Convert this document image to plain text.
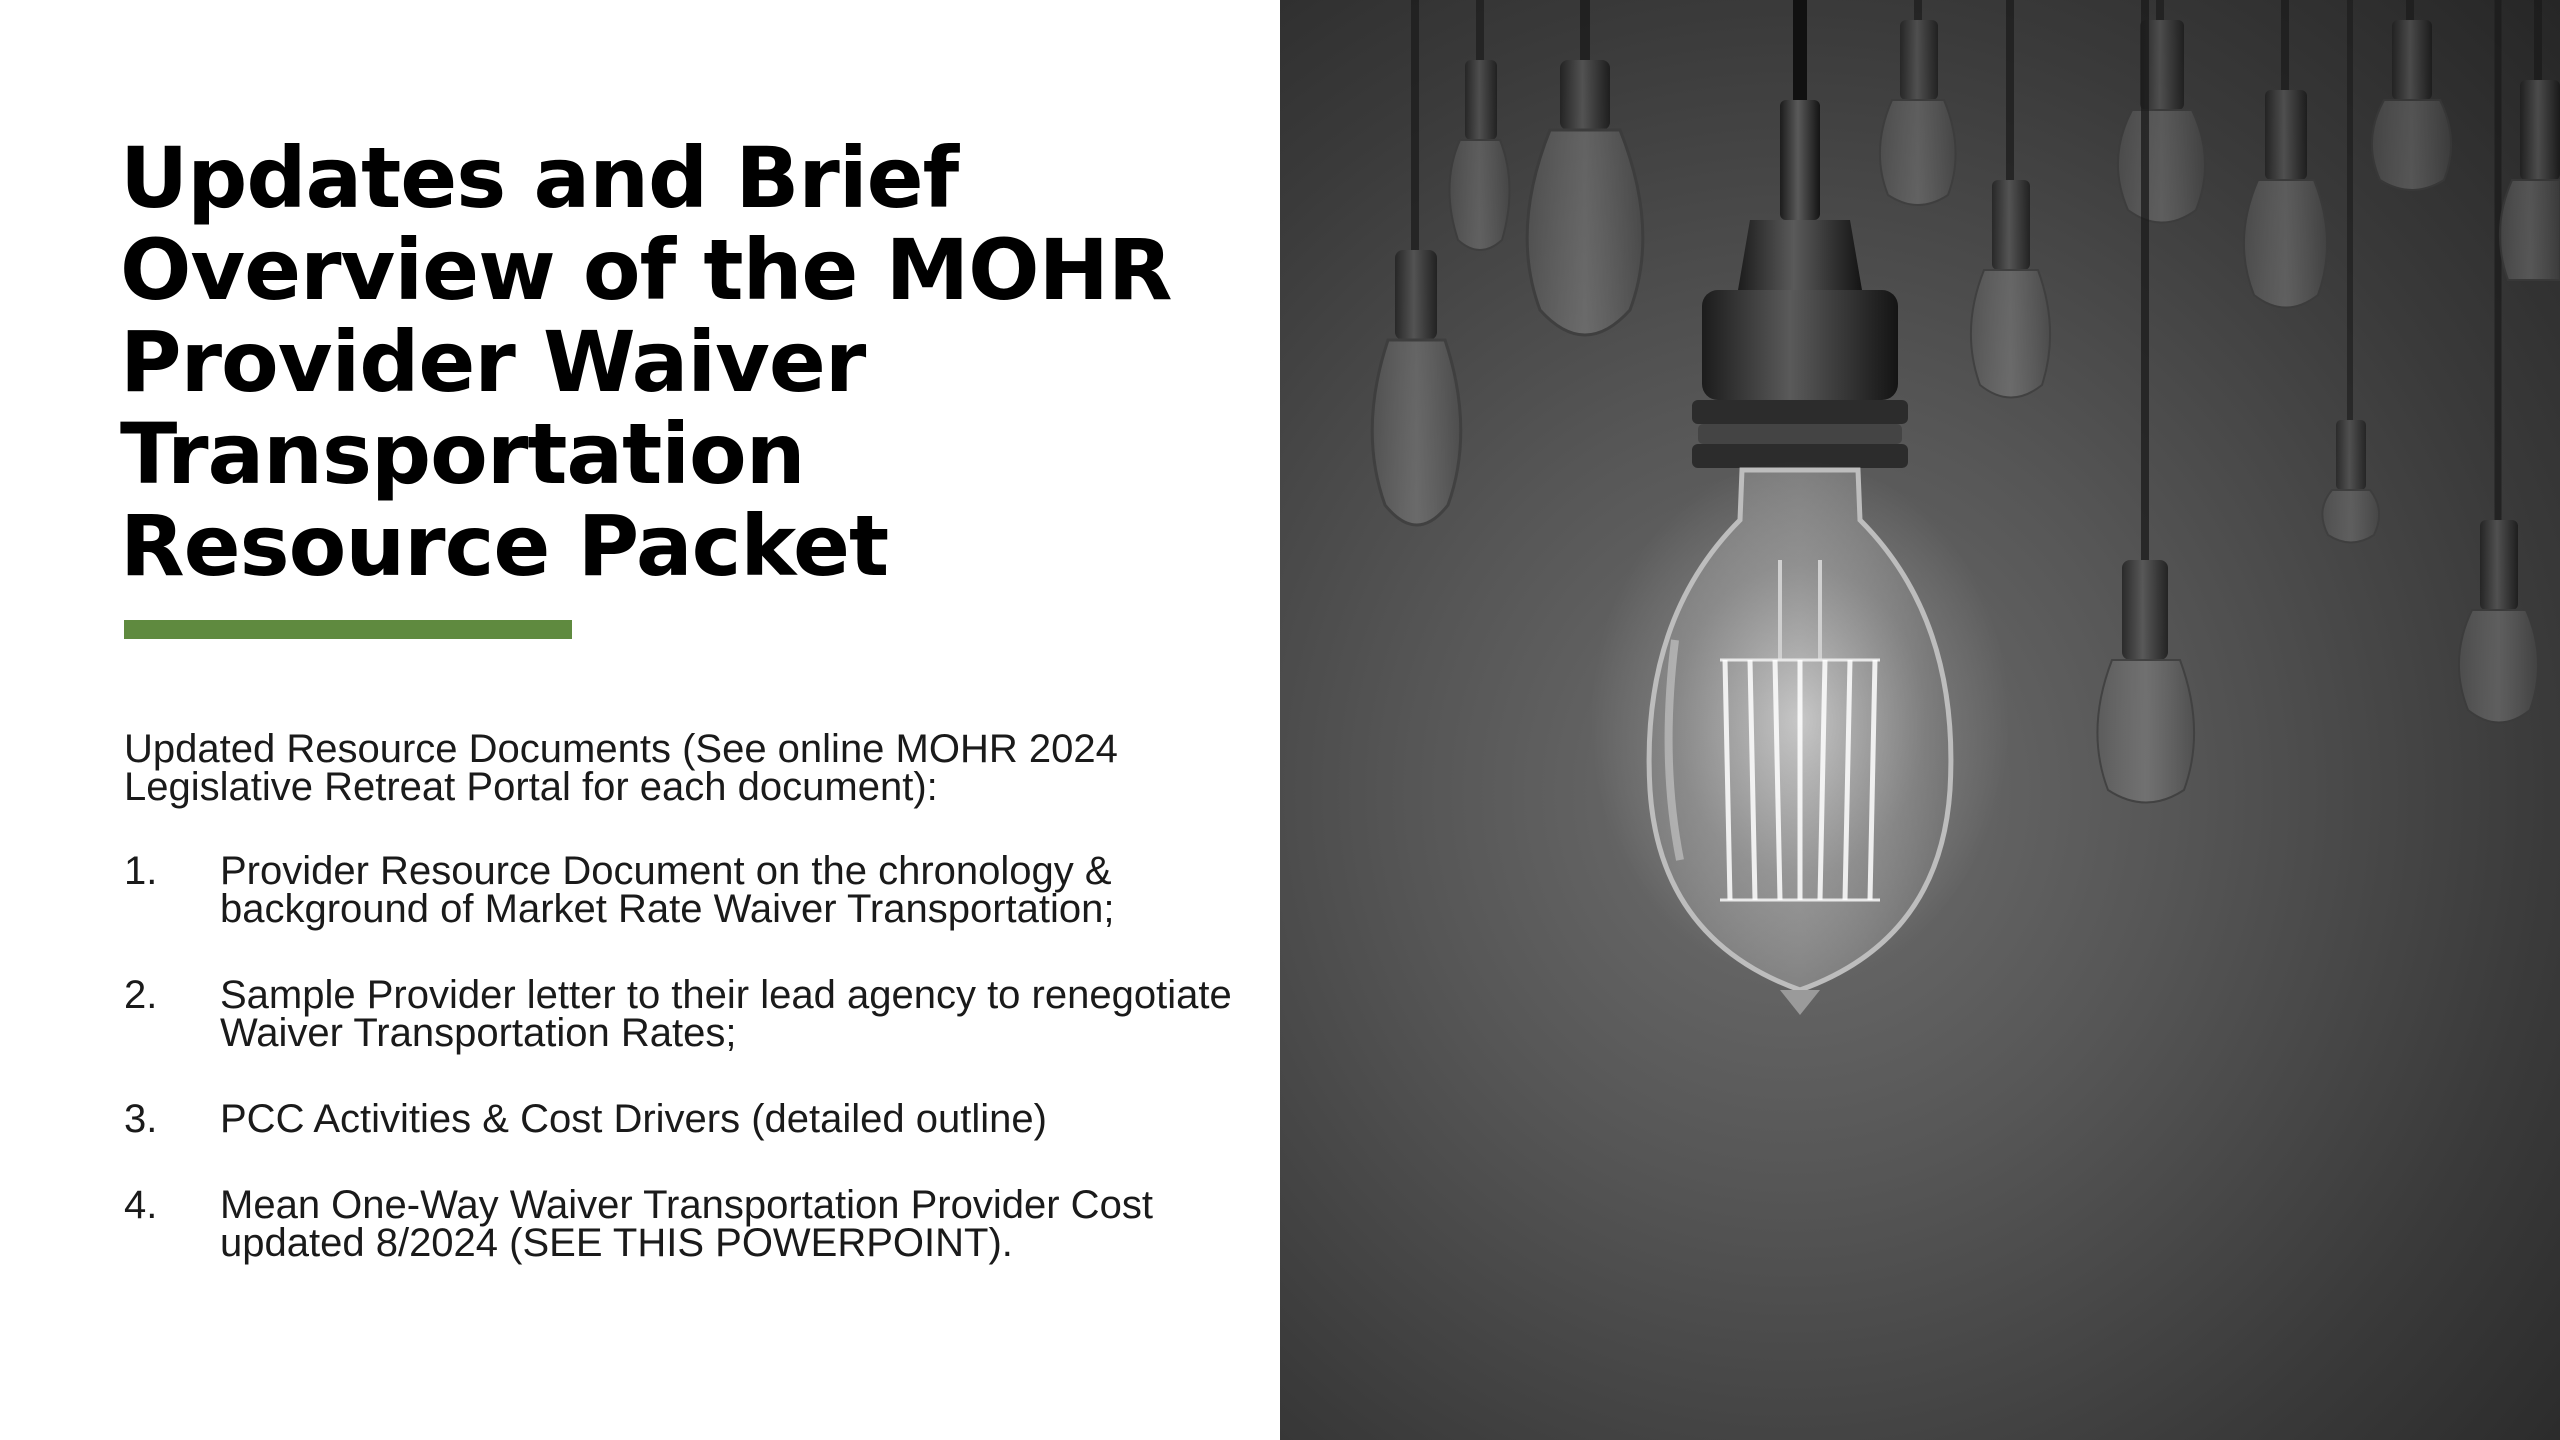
Updates and Brief Overview of the MOHR Provider Waiver Transportation Resource Packet
Updated Resource Documents (See online MOHR 2024 Legislative Retreat Portal for each document):
1. Provider Resource Document on the chronology & background of Market Rate Waiver Transportation;
2. Sample Provider letter to their lead agency to renegotiate Waiver Transportation Rates;
3. PCC Activities & Cost Drivers (detailed outline)
4. Mean One-Way Waiver Transportation Provider Cost updated 8/2024 (SEE THIS POWERPOINT).
